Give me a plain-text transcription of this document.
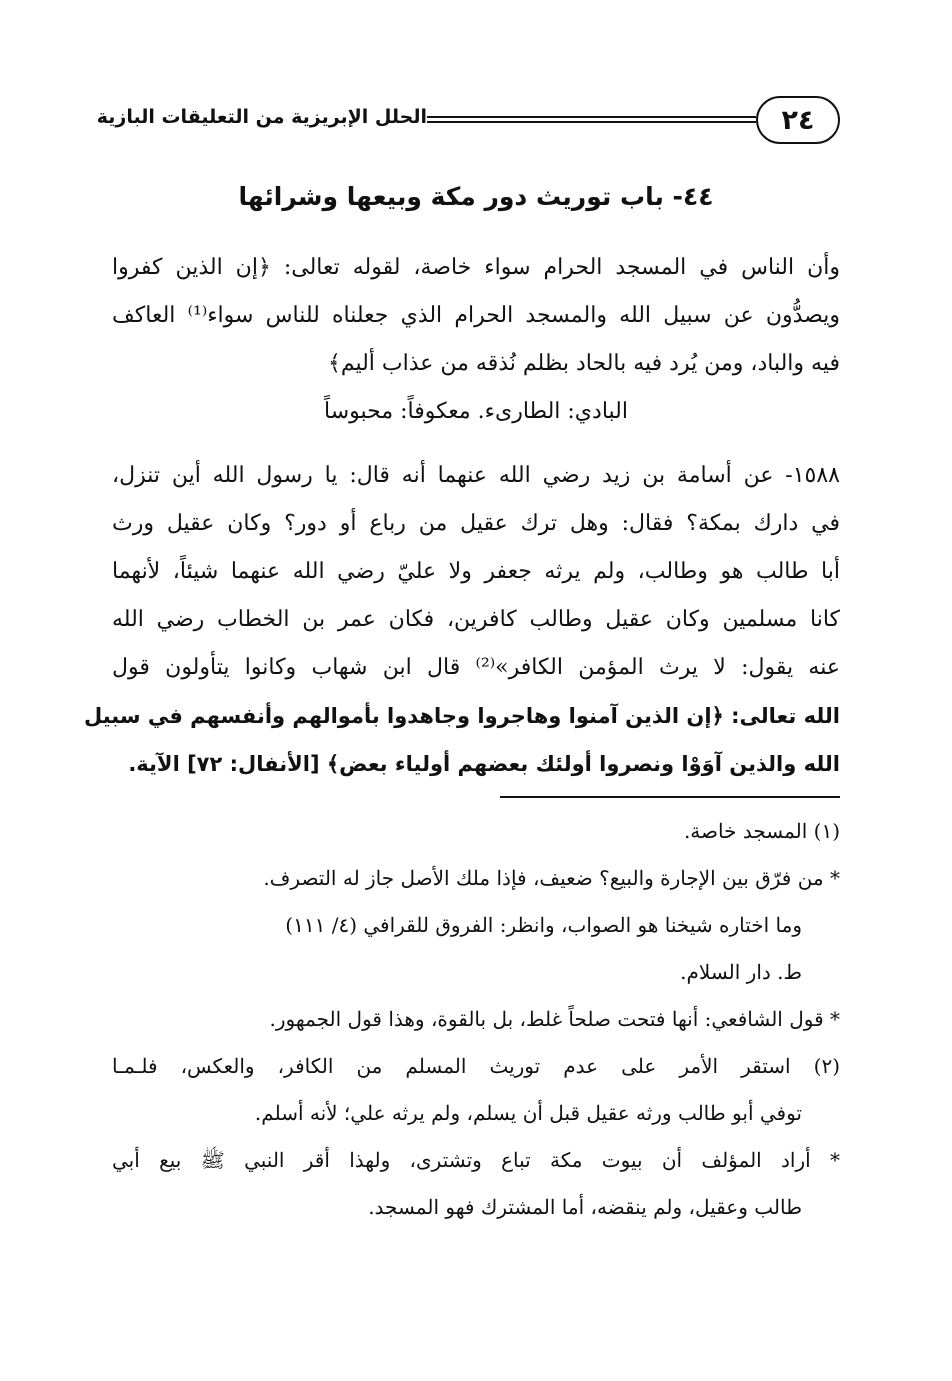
٢٤
الحلل الإبريزية من التعليقات البازية
٤٤- باب توريث دور مكة وبيعها وشرائها
وأن الناس في المسجد الحرام سواء خاصة، لقوله تعالى: ﴿إن الذين كفروا
ويصدُّون عن سبيل الله والمسجد الحرام الذي جعلناه للناس سواء⁽¹⁾ العاكف
فيه والباد، ومن يُرد فيه بالحاد بظلم نُذقه من عذاب أليم﴾
البادي: الطارىء. معكوفاً: محبوساً
١٥٨٨- عن أسامة بن زيد رضي الله عنهما أنه قال: يا رسول الله أين تنزل،
في دارك بمكة؟ فقال: وهل ترك عقيل من رباع أو دور؟ وكان عقيل ورث
أبا طالب هو وطالب، ولم يرثه جعفر ولا عليّ رضي الله عنهما شيئاً، لأنهما
كانا مسلمين وكان عقيل وطالب كافرين، فكان عمر بن الخطاب رضي الله
عنه يقول: لا يرث المؤمن الكافر»⁽²⁾ قال ابن شهاب وكانوا يتأولون قول
الله تعالى: ﴿إن الذين آمنوا وهاجروا وجاهدوا بأموالهم وأنفسهم في سبيل
الله والذين آوَوْا ونصروا أولئك بعضهم أولياء بعض﴾ [الأنفال: ٧٢] الآية.
(١) المسجد خاصة.
* من فرّق بين الإجارة والبيع؟ ضعيف، فإذا ملك الأصل جاز له التصرف.
وما اختاره شيخنا هو الصواب، وانظر: الفروق للقرافي (٤/ ١١١)
ط. دار السلام.
* قول الشافعي: أنها فتحت صلحاً غلط، بل بالقوة، وهذا قول الجمهور.
(٢) استقر الأمر على عدم توريث المسلم من الكافر، والعكس، فلـمـا
توفي أبو طالب ورثه عقيل قبل أن يسلم، ولم يرثه علي؛ لأنه أسلم.
* أراد المؤلف أن بيوت مكة تباع وتشترى، ولهذا أقر النبي ﷺ بيع أبي
طالب وعقيل، ولم ينقضه، أما المشترك فهو المسجد.
